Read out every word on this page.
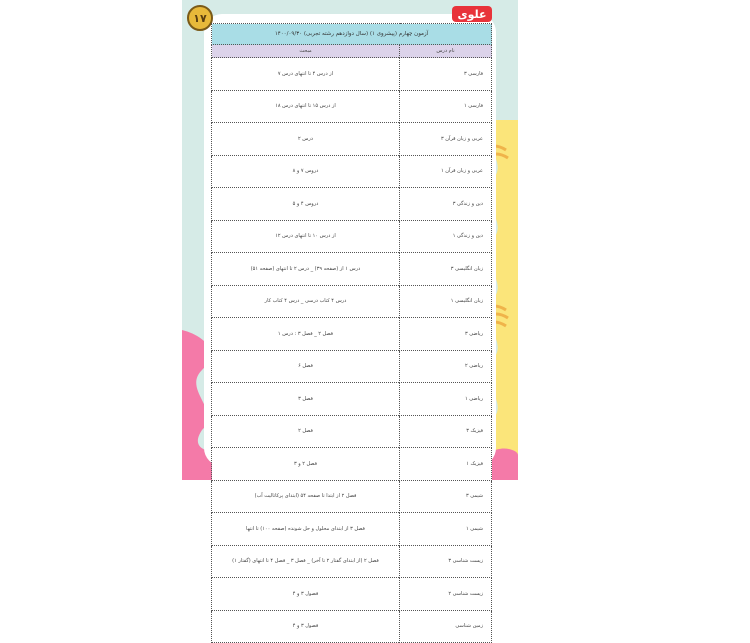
۱۷	علوی
آزمون چهارم (پیشروی ۱) (سال دوازدهم رشته تجربی) ۱۴۰۰/۰۹/۳۰	
نام درس	مبحث
فارسی ۳	از درس ۴ تا انتهای درس ۷
فارسی ۱	از درس ۱۵ تا انتهای درس ۱۸
عربی و زبان قرآن ۳	درس ۲
عربی و زبان قرآن ۱	دروس ۷ و ۸
دین و زندگی ۳	دروس ۴ و ۵
دین و زندگی ۱	از درس ۱۰ تا انتهای درس ۱۲
زبان انگلیسی ۳	درس ۱ از (صفحه ۳۹) _ درس ۲ تا انتهای (صفحه ۵۱)
زبان انگلیسی ۱	درس ۴ کتاب درسی _ درس ۴ کتاب کار
ریاضی ۳	فصل ۲ _ فصل ۳ : درس ۱
ریاضی ۲	فصل ۶
ریاضی ۱	فصل ۳
فیزیک ۳	فصل ۲
فیزیک ۱	فصل ۲ و ۳
شیمی ۳	فصل ۲ از ابتدا تا صفحه ۵۴ (ابتدای پرکاتالیت آب)
شیمی ۱	فصل ۳ از ابتدای محلول و حل شونده (صفحه ۱۰۰) تا انتها
زیست شناسی ۳	فصل ۲ (از ابتدای گفتار ۲ تا آخر) _ فصل ۳ _ فصل ۴ تا انتهای (گفتار ۱)
زیست شناسی ۲	فصول ۳ و ۴
زمین شناسی	فصول ۳ و ۴
